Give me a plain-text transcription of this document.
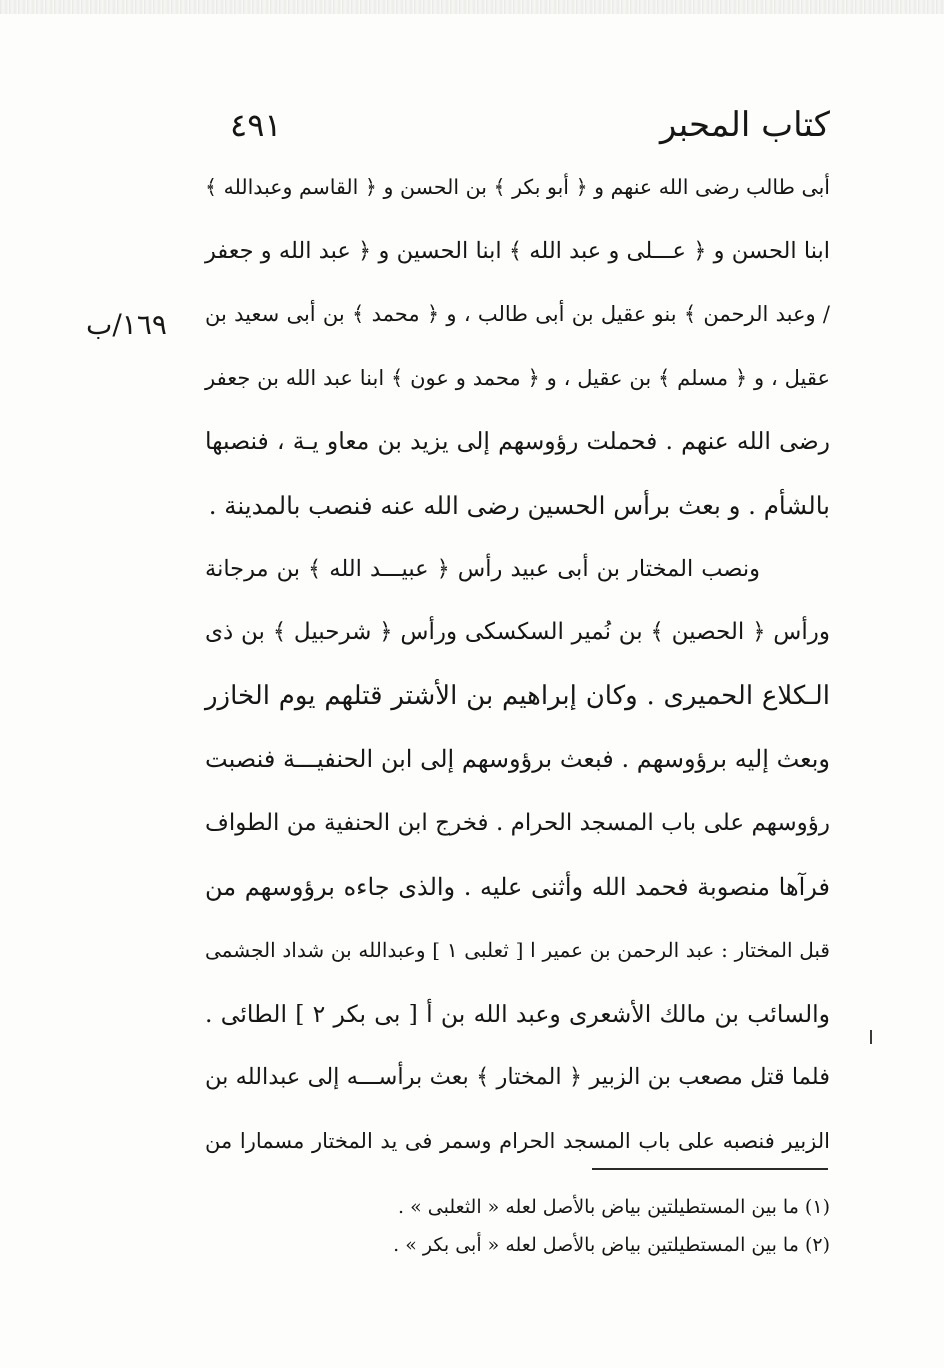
كتاب المحبر
٤٩١
١٦٩/ب
أبى طالب رضى الله عنهم و ﴿ أبو بكر ﴾ بن الحسن و ﴿ القاسم وعبدالله ﴾
ابنا الحسن و ﴿ عـــلى و عبد الله ﴾ ابنا الحسين و ﴿ عبد الله و جعفر
/ وعبد الرحمن ﴾ بنو عقيل بن أبى طالب ، و ﴿ محمد ﴾ بن أبى سعيد بن
عقيل ، و ﴿ مسلم ﴾ بن عقيل ، و ﴿ محمد و عون ﴾ ابنا عبد الله بن جعفر
رضى الله عنهم . فحملت رؤوسهم إلى يزيد بن معاو يـة ، فنصبها
بالشأم . و بعث برأس الحسين رضى الله عنه فنصب بالمدينة .
ونصب المختار بن أبى عبيد رأس ﴿ عبيـــد الله ﴾ بن مرجانة
ورأس ﴿ الحصين ﴾ بن نُمير السكسكى ورأس ﴿ شرحبيل ﴾ بن ذى
الـكلاع الحميرى . وكان إبراهيم بن الأشتر قتلهم يوم الخازر
وبعث إليه برؤوسهم . فبعث برؤوسهم إلى ابن الحنفيـــة فنصبت
رؤوسهم على باب المسجد الحرام . فخرج ابن الحنفية من الطواف
فرآها منصوبة فحمد الله وأثنى عليه . والذى جاءه برؤوسهم من
قبل المختار : عبد الرحمن بن عمير ا [ ثعلبى ١ ] وعبدالله بن شداد الجشمى
والسائب بن مالك الأشعرى وعبد الله بن أ [ بى بكر ٢ ] الطائى .
فلما قتل مصعب بن الزبير ﴿ المختار ﴾ بعث برأســـه إلى عبدالله بن
الزبير فنصبه على باب المسجد الحرام وسمر فى يد المختار مسمارا من
(١) ما بين المستطيلتين بياض بالأصل لعله « الثعلبى » .
(٢) ما بين المستطيلتين بياض بالأصل لعله « أبى بكر » .
